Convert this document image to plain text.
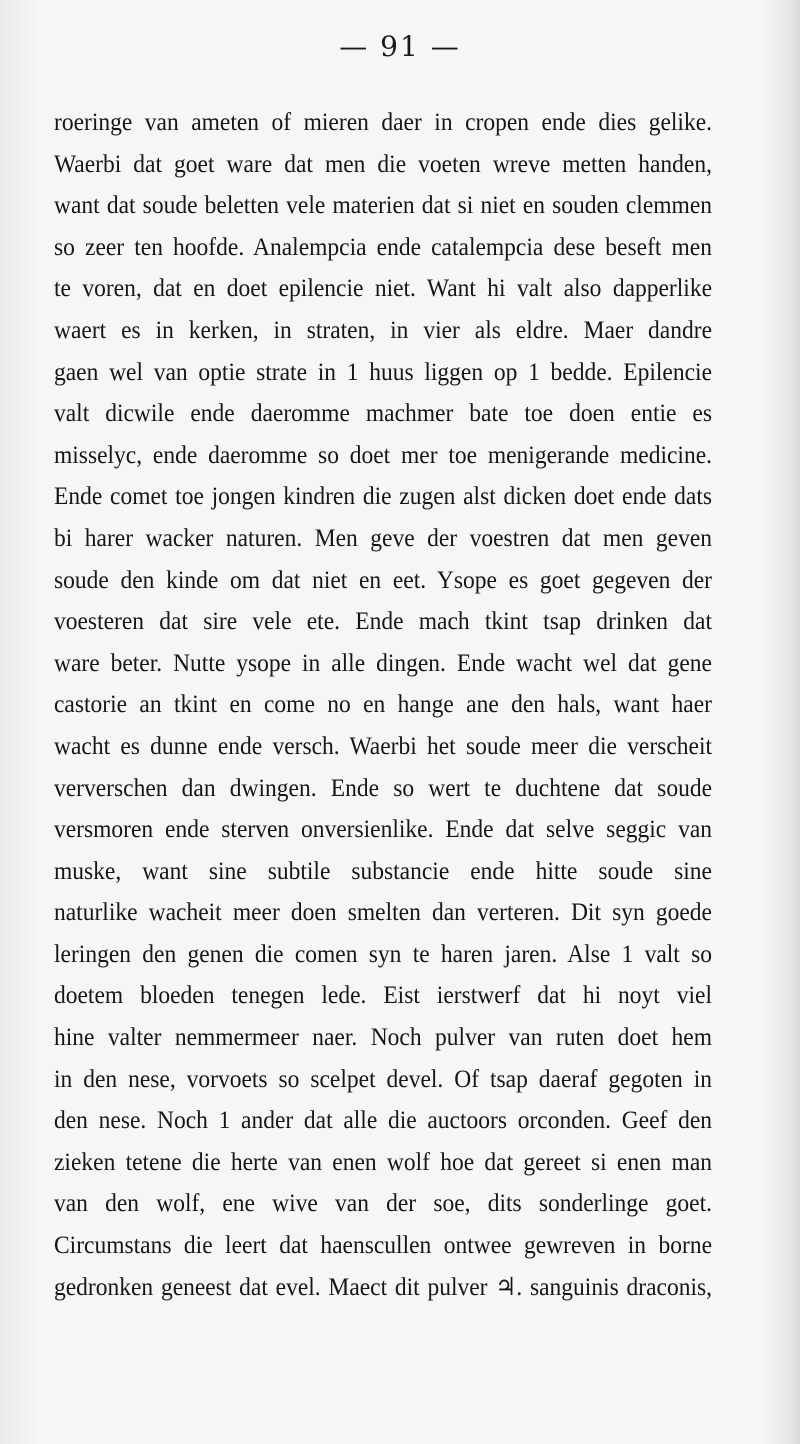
— 91 —
roeringe van ameten of mieren daer in cropen ende dies gelike.
Waerbi dat goet ware dat men die voeten wreve metten handen,
want dat soude beletten vele materien dat si niet en souden clemmen
so zeer ten hoofde. Analempcia ende catalempcia dese beseft men
te voren, dat en doet epilencie niet. Want hi valt also dapperlike
waert es in kerken, in straten, in vier als eldre. Maer dandre
gaen wel van optie strate in 1 huus liggen op 1 bedde. Epilencie
valt dicwile ende daeromme machmer bate toe doen entie es
misselyc, ende daeromme so doet mer toe menigerande medicine.
Ende comet toe jongen kindren die zugen alst dicken doet ende dats
bi harer wacker naturen. Men geve der voestren dat men geven
soude den kinde om dat niet en eet. Ysope es goet gegeven der
voesteren dat sire vele ete. Ende mach tkint tsap drinken dat
ware beter. Nutte ysope in alle dingen. Ende wacht wel dat gene
castorie an tkint en come no en hange ane den hals, want haer
wacht es dunne ende versch. Waerbi het soude meer die verscheit
ververschen dan dwingen. Ende so wert te duchtene dat soude
versmoren ende sterven onversienlike. Ende dat selve seggic van
muske, want sine subtile substancie ende hitte soude sine
naturlike wacheit meer doen smelten dan verteren. Dit syn goede
leringen den genen die comen syn te haren jaren. Alse 1 valt so
doetem bloeden tenegen lede. Eist ierstwerf dat hi noyt viel
hine valter nemmermeer naer. Noch pulver van ruten doet hem
in den nese, vorvoets so scelpet devel. Of tsap daeraf gegoten in
den nese. Noch 1 ander dat alle die auctoors orconden. Geef den
zieken tetene die herte van enen wolf hoe dat gereet si enen man
van den wolf, ene wive van der soe, dits sonderlinge goet.
Circumstans die leert dat haenscullen ontwee gewreven in borne
gedronken geneest dat evel. Maect dit pulver ♃. sanguinis draconis,
